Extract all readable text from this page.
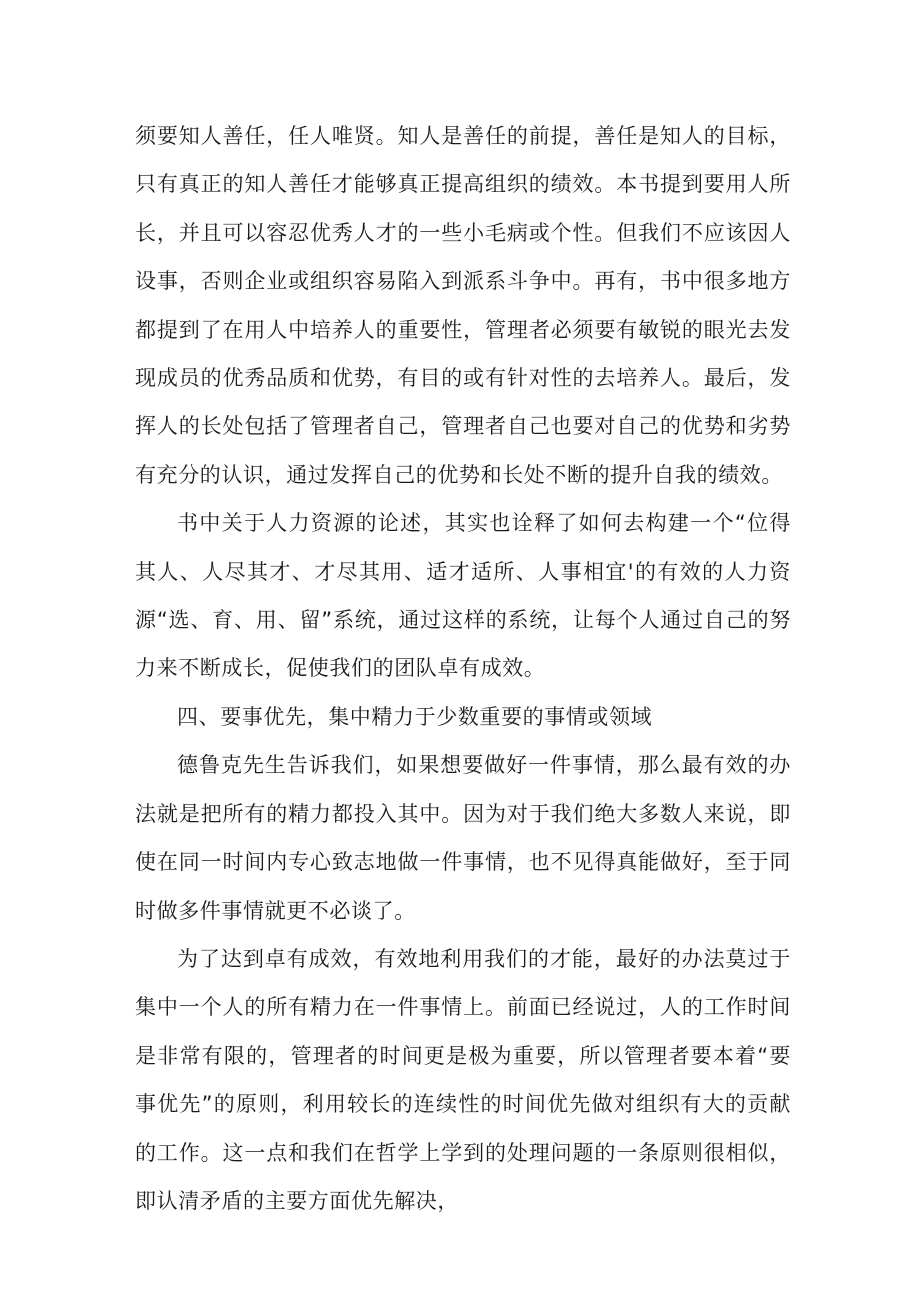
须要知人善任，任人唯贤。知人是善任的前提，善任是知人的目标，只有真正的知人善任才能够真正提高组织的绩效。本书提到要用人所长，并且可以容忍优秀人才的一些小毛病或个性。但我们不应该因人设事，否则企业或组织容易陷入到派系斗争中。再有，书中很多地方都提到了在用人中培养人的重要性，管理者必须要有敏锐的眼光去发现成员的优秀品质和优势，有目的或有针对性的去培养人。最后，发挥人的长处包括了管理者自己，管理者自己也要对自己的优势和劣势有充分的认识，通过发挥自己的优势和长处不断的提升自我的绩效。

书中关于人力资源的论述，其实也诠释了如何去构建一个“位得其人、人尽其才、才尽其用、适才适所、人事相宜'的有效的人力资源“选、育、用、留”系统，通过这样的系统，让每个人通过自己的努力来不断成长，促使我们的团队卓有成效。

四、要事优先，集中精力于少数重要的事情或领域

德鲁克先生告诉我们，如果想要做好一件事情，那么最有效的办法就是把所有的精力都投入其中。因为对于我们绝大多数人来说，即使在同一时间内专心致志地做一件事情，也不见得真能做好，至于同时做多件事情就更不必谈了。

为了达到卓有成效，有效地利用我们的才能，最好的办法莫过于集中一个人的所有精力在一件事情上。前面已经说过，人的工作时间是非常有限的，管理者的时间更是极为重要，所以管理者要本着“要事优先”的原则，利用较长的连续性的时间优先做对组织有大的贡献的工作。这一点和我们在哲学上学到的处理问题的一条原则很相似，即认清矛盾的主要方面优先解决，
